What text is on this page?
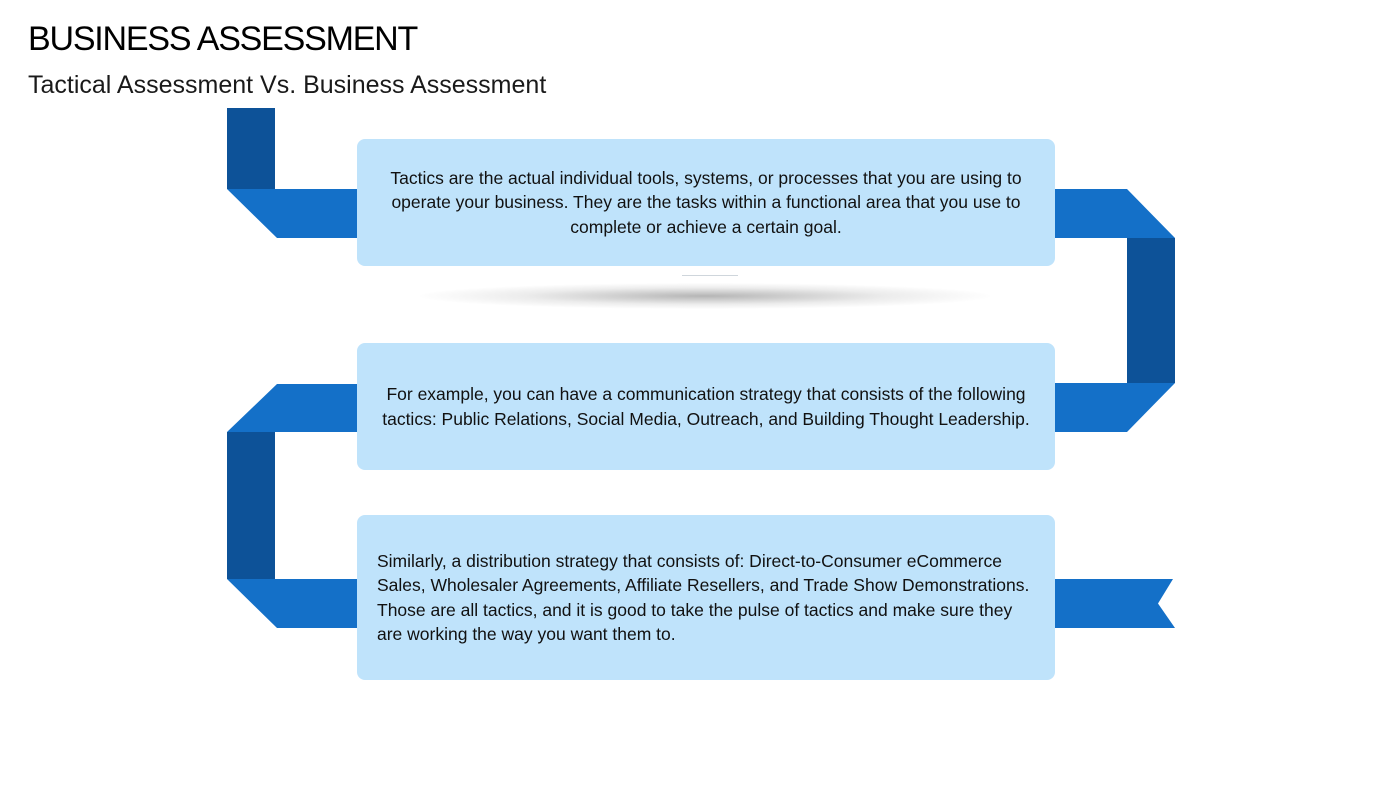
BUSINESS ASSESSMENT
Tactical Assessment Vs. Business Assessment
Tactics are the actual individual tools, systems, or processes that you are using to operate your business. They are the tasks within a functional area that you use to complete or achieve a certain goal.
For example, you can have a communication strategy that consists of the following tactics: Public Relations, Social Media, Outreach, and Building Thought Leadership.
Similarly, a distribution strategy that consists of: Direct-to-Consumer eCommerce Sales, Wholesaler Agreements, Affiliate Resellers, and Trade Show Demonstrations.
Those are all tactics, and it is good to take the pulse of tactics and make sure they are working the way you want them to.
